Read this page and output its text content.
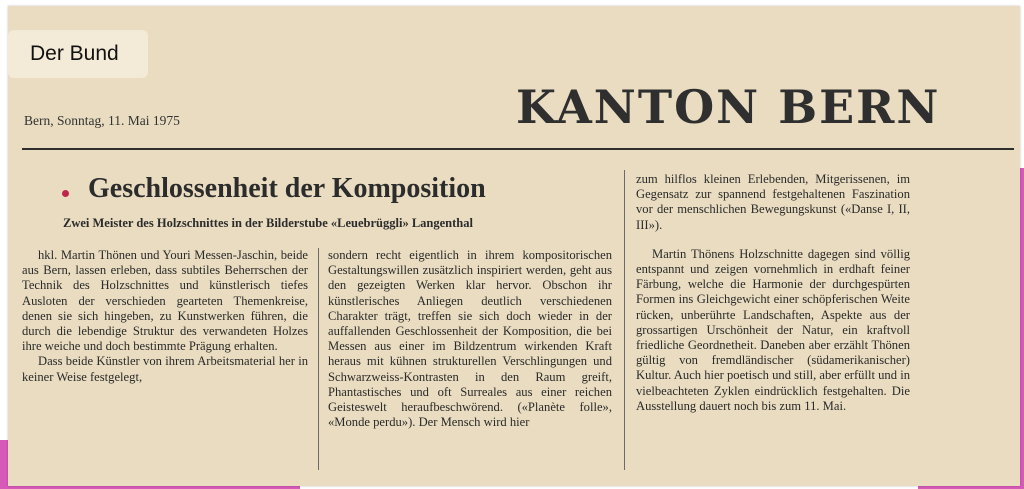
Der Bund
Bern, Sonntag, 11. Mai 1975	KANTON BERN
Geschlossenheit der Komposition
Zwei Meister des Holzschnittes in der Bilderstube «Leuebrüggli» Langenthal

hkl. Martin Thönen und Youri Messen-Jaschin, beide aus Bern, lassen erleben, dass subtiles Beherrschen der Technik des Holzschnittes und künstlerisch tiefes Ausloten der verschieden gearteten Themenkreise, denen sie sich hingeben, zu Kunstwerken führen, die durch die lebendige Struktur des verwandeten Holzes ihre weiche und doch bestimmte Prägung erhalten.

Dass beide Künstler von ihrem Arbeitsmaterial her in keiner Weise festgelegt,

sondern recht eigentlich in ihrem kompositorischen Gestaltungswillen zusätzlich inspiriert werden, geht aus den gezeigten Werken klar hervor. Obschon ihr künstlerisches Anliegen deutlich verschiedenen Charakter trägt, treffen sie sich doch wieder in der auffallenden Geschlossenheit der Komposition, die bei Messen aus einer im Bildzentrum wirkenden Kraft heraus mit kühnen strukturellen Verschlingungen und Schwarzweiss-Kontrasten in den Raum greift, Phantastisches und oft Surreales aus einer reichen Geisteswelt heraufbeschwörend. («Planète folle», «Monde perdu»). Der Mensch wird hier

zum hilflos kleinen Erlebenden, Mitgerissenen, im Gegensatz zur spannend festgehaltenen Faszination vor der menschlichen Bewegungskunst («Danse I, II, III»).

Martin Thönens Holzschnitte dagegen sind völlig entspannt und zeigen vornehmlich in erdhaft feiner Färbung, welche die Harmonie der durchgespürten Formen ins Gleichgewicht einer schöpferischen Weite rücken, unberührte Landschaften, Aspekte aus der grossartigen Urschönheit der Natur, ein kraftvoll friedliche Geordnetheit. Daneben aber erzählt Thönen gültig von fremdländischer (südamerikanischer) Kultur. Auch hier poetisch und still, aber erfüllt und in vielbeachteten Zyklen eindrücklich festgehalten. Die Ausstellung dauert noch bis zum 11. Mai.
